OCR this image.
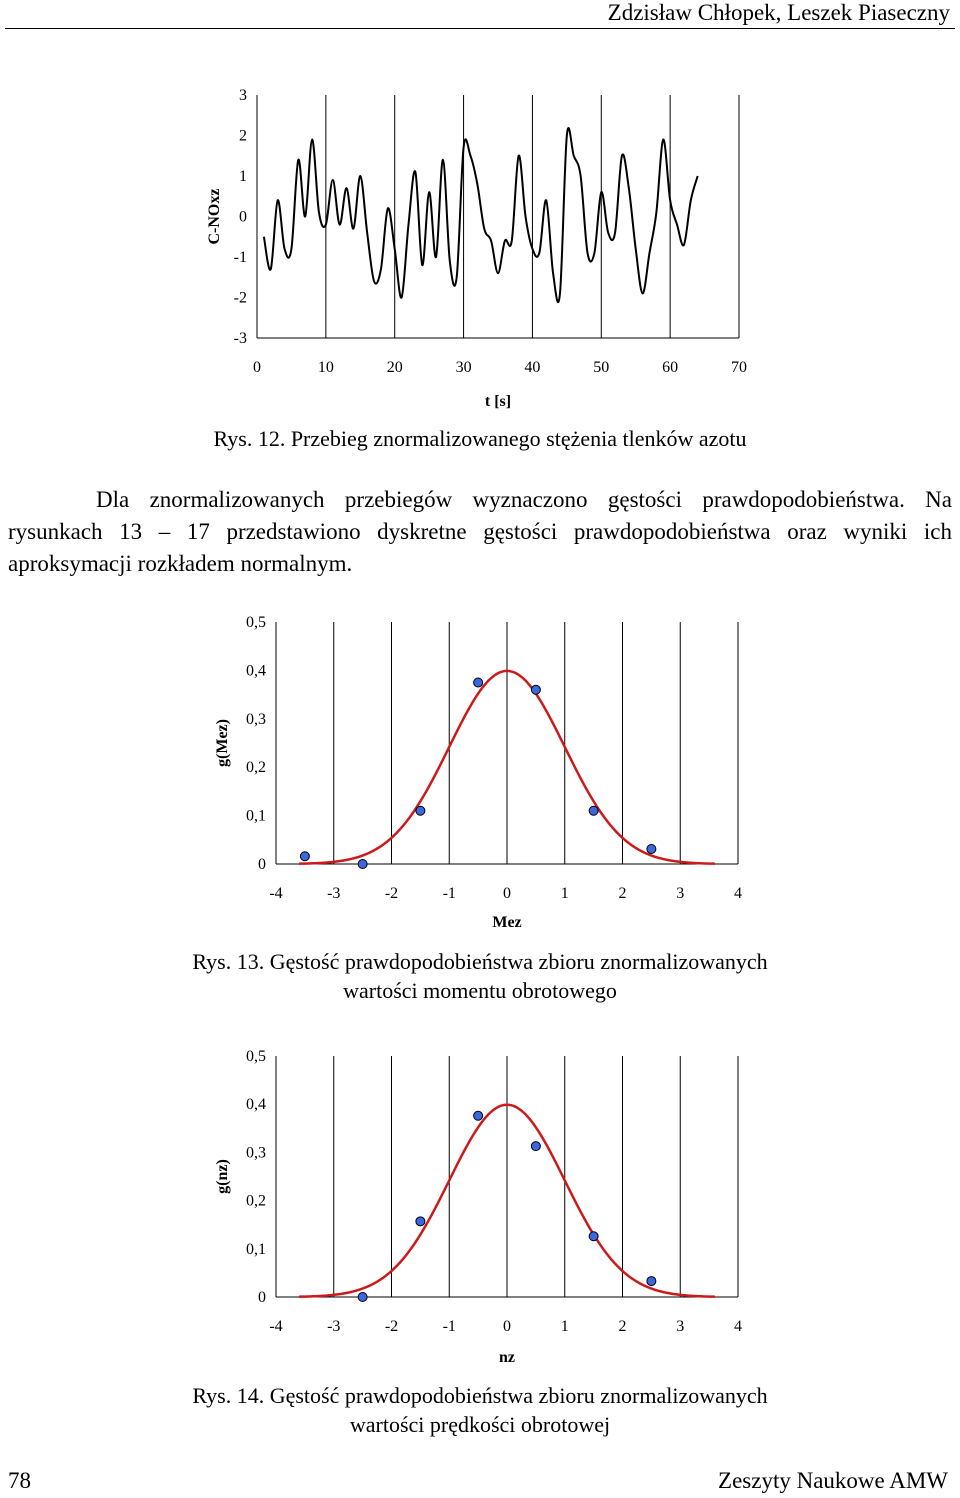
Zdzisław Chłopek, Leszek Piaseczny
0	10	20	30	40	50	60	70
3
2
1
0
-1
-2
-3
t [s]
C-NOxz
Rys. 12. Przebieg znormalizowanego stężenia tlenków azotu
Dla znormalizowanych przebiegów wyznaczono gęstości prawdopodobieństwa. Na rysunkach 13 – 17 przedstawiono dyskretne gęstości prawdopodobieństwa oraz wyniki ich aproksymacji rozkładem normalnym.
-4	-3	-2	-1	0	1	2	3	4
0,5
0,4
0,3
0,2
0,1
0
Mez
g(Mez)
Rys. 13. Gęstość prawdopodobieństwa zbioru znormalizowanych
wartości momentu obrotowego
-4	-3	-2	-1	0	1	2	3	4
0,5
0,4
0,3
0,2
0,1
0
nz
g(nz)
Rys. 14. Gęstość prawdopodobieństwa zbioru znormalizowanych
wartości prędkości obrotowej
78	Zeszyty Naukowe AMW
